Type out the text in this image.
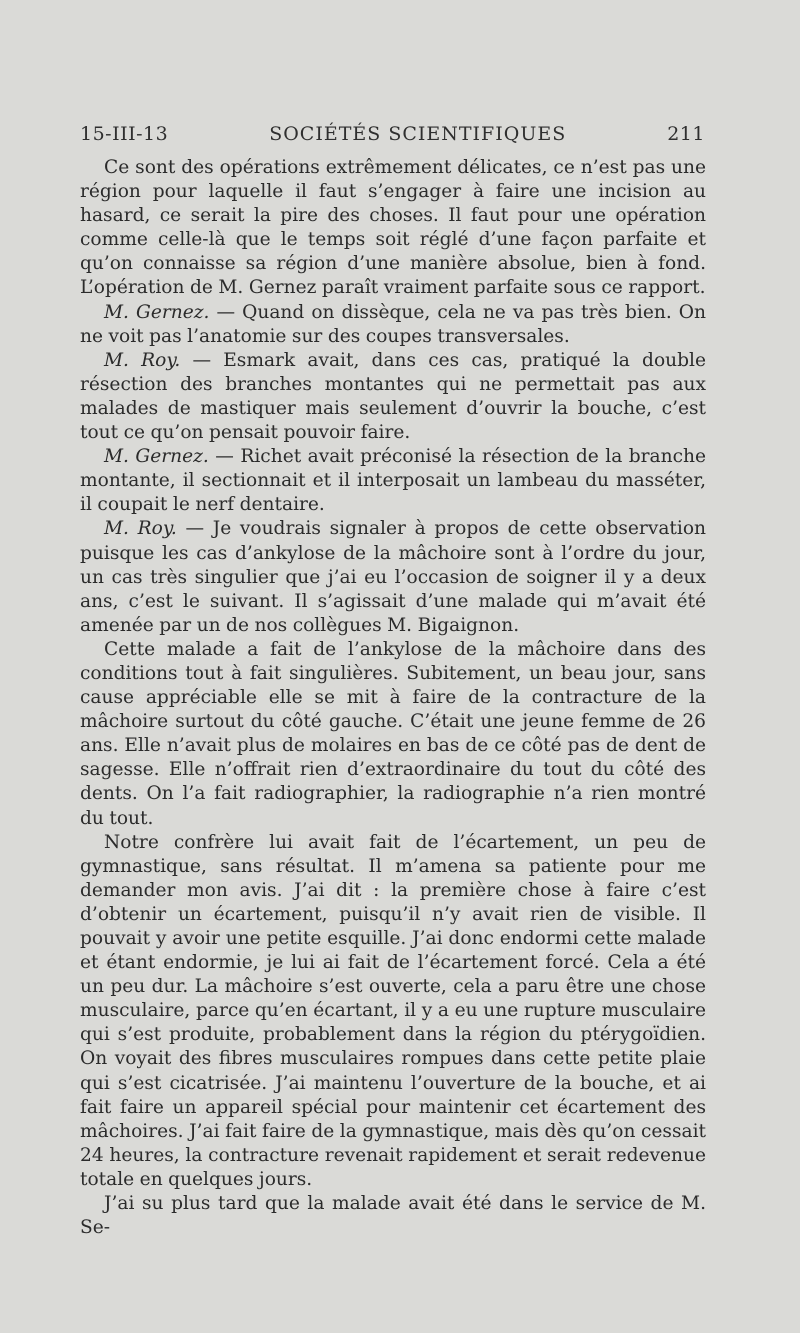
15-III-13	SOCIÉTÉS SCIENTIFIQUES	211

Ce sont des opérations extrêmement délicates, ce n’est pas une région pour laquelle il faut s’engager à faire une incision au hasard, ce serait la pire des choses. Il faut pour une opération comme celle-là que le temps soit réglé d’une façon parfaite et qu’on connaisse sa région d’une manière absolue, bien à fond. L’opération de M. Gernez paraît vraiment parfaite sous ce rapport.

M. Gernez. — Quand on dissèque, cela ne va pas très bien. On ne voit pas l’anatomie sur des coupes transversales.

M. Roy. — Esmark avait, dans ces cas, pratiqué la double résection des branches montantes qui ne permettait pas aux malades de mastiquer mais seulement d’ouvrir la bouche, c’est tout ce qu’on pensait pouvoir faire.

M. Gernez. — Richet avait préconisé la résection de la branche montante, il sectionnait et il interposait un lambeau du masséter, il coupait le nerf dentaire.

M. Roy. — Je voudrais signaler à propos de cette observation puisque les cas d’ankylose de la mâchoire sont à l’ordre du jour, un cas très singulier que j’ai eu l’occasion de soigner il y a deux ans, c’est le suivant. Il s’agissait d’une malade qui m’avait été amenée par un de nos collègues M. Bigaignon.

Cette malade a fait de l’ankylose de la mâchoire dans des conditions tout à fait singulières. Subitement, un beau jour, sans cause appréciable elle se mit à faire de la contracture de la mâchoire surtout du côté gauche. C’était une jeune femme de 26 ans. Elle n’avait plus de molaires en bas de ce côté pas de dent de sagesse. Elle n’offrait rien d’extraordinaire du tout du côté des dents. On l’a fait radiographier, la radiographie n’a rien montré du tout.

Notre confrère lui avait fait de l’écartement, un peu de gymnastique, sans résultat. Il m’amena sa patiente pour me demander mon avis. J’ai dit : la première chose à faire c’est d’obtenir un écartement, puisqu’il n’y avait rien de visible. Il pouvait y avoir une petite esquille. J’ai donc endormi cette malade et étant endormie, je lui ai fait de l’écartement forcé. Cela a été un peu dur. La mâchoire s’est ouverte, cela a paru être une chose musculaire, parce qu’en écartant, il y a eu une rupture musculaire qui s’est produite, probablement dans la région du ptérygoïdien. On voyait des fibres musculaires rompues dans cette petite plaie qui s’est cicatrisée. J’ai maintenu l’ouverture de la bouche, et ai fait faire un appareil spécial pour maintenir cet écartement des mâchoires. J’ai fait faire de la gymnastique, mais dès qu’on cessait 24 heures, la contracture revenait rapidement et serait redevenue totale en quelques jours.

J’ai su plus tard que la malade avait été dans le service de M. Se-
